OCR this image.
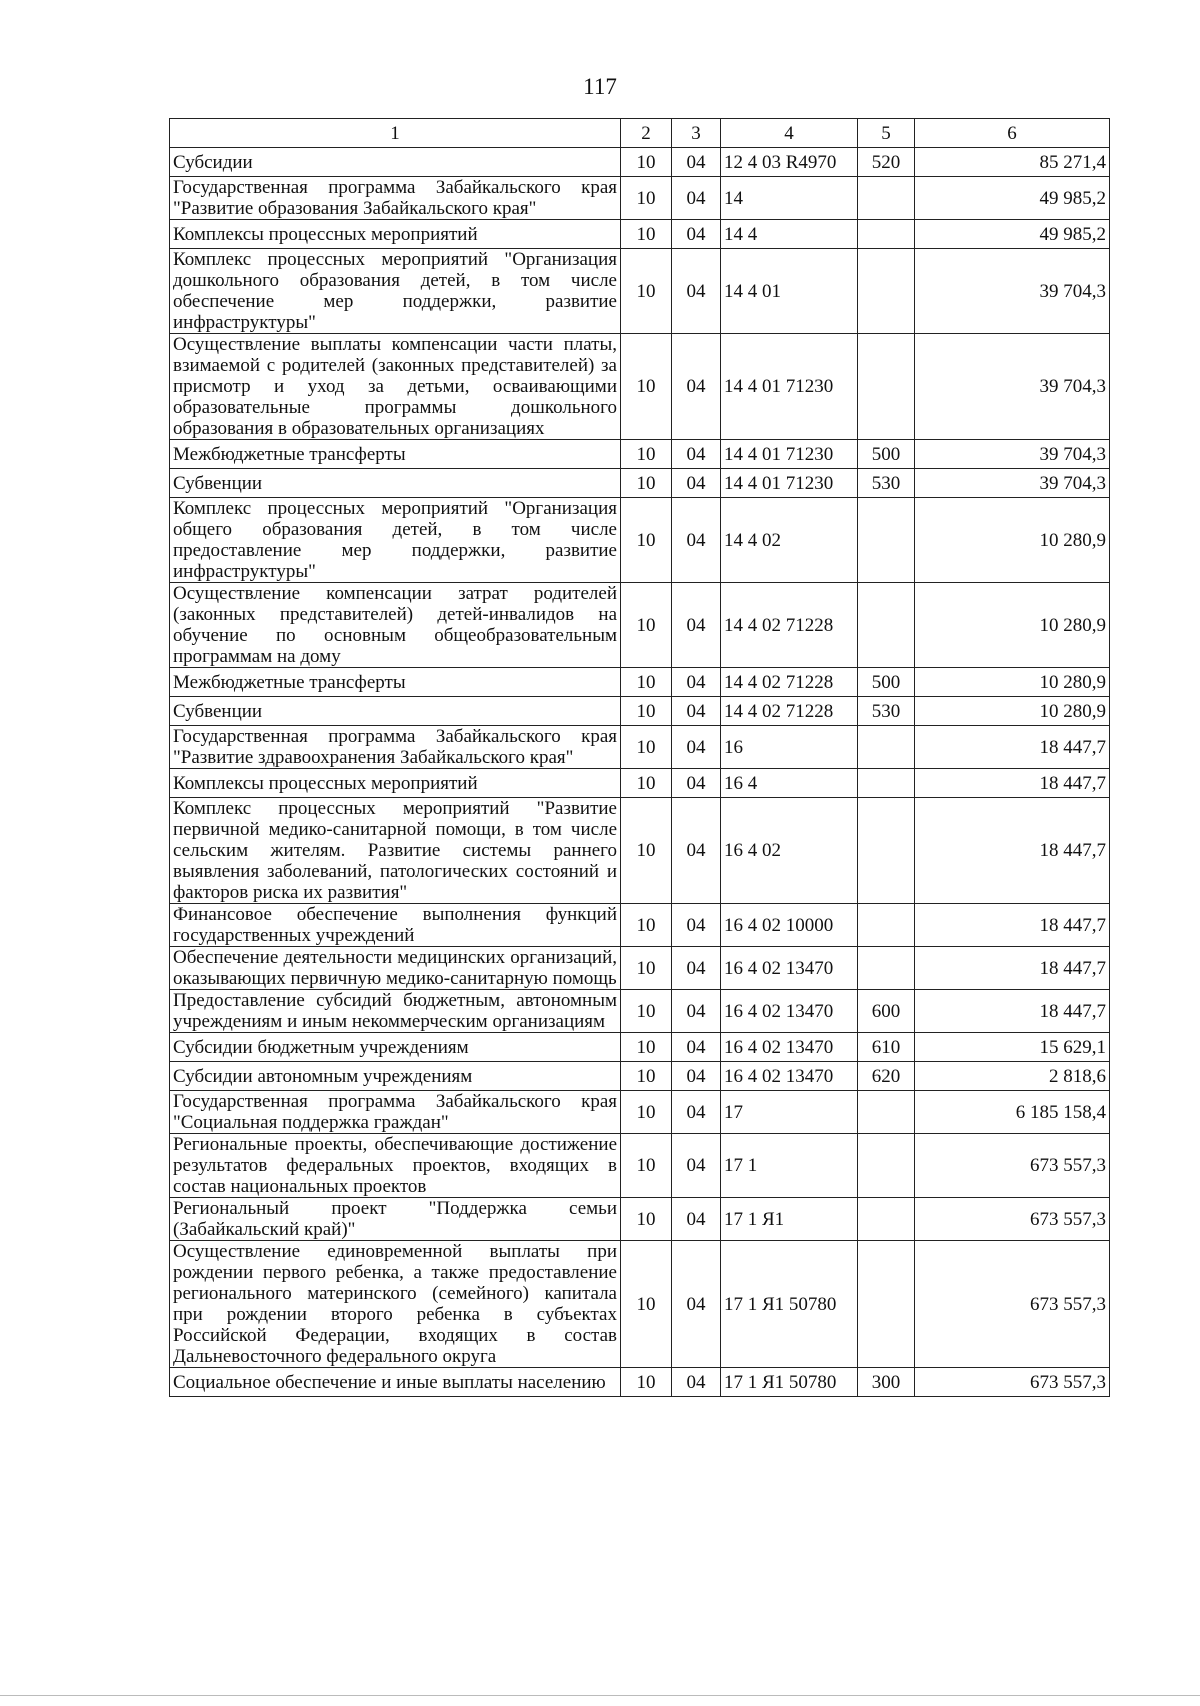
117
1	2	3	4	5	6
Субсидии	10	04	12 4 03 R4970	520	85 271,4
Государственная программа Забайкальского края "Развитие образования Забайкальского края"	10	04	14		49 985,2
Комплексы процессных мероприятий	10	04	14 4		49 985,2
Комплекс процессных мероприятий "Организация дошкольного образования детей, в том числе обеспечение мер поддержки, развитие инфраструктуры"	10	04	14 4 01		39 704,3
Осуществление выплаты компенсации части платы, взимаемой с родителей (законных представителей) за присмотр и уход за детьми, осваивающими образовательные программы дошкольного образования в образовательных организациях	10	04	14 4 01 71230		39 704,3
Межбюджетные трансферты	10	04	14 4 01 71230	500	39 704,3
Субвенции	10	04	14 4 01 71230	530	39 704,3
Комплекс процессных мероприятий "Организация общего образования детей, в том числе предоставление мер поддержки, развитие инфраструктуры"	10	04	14 4 02		10 280,9
Осуществление компенсации затрат родителей (законных представителей) детей-инвалидов на обучение по основным общеобразовательным программам на дому	10	04	14 4 02 71228		10 280,9
Межбюджетные трансферты	10	04	14 4 02 71228	500	10 280,9
Субвенции	10	04	14 4 02 71228	530	10 280,9
Государственная программа Забайкальского края "Развитие здравоохранения Забайкальского края"	10	04	16		18 447,7
Комплексы процессных мероприятий	10	04	16 4		18 447,7
Комплекс процессных мероприятий "Развитие первичной медико-санитарной помощи, в том числе сельским жителям. Развитие системы раннего выявления заболеваний, патологических состояний и факторов риска их развития"	10	04	16 4 02		18 447,7
Финансовое обеспечение выполнения функций государственных учреждений	10	04	16 4 02 10000		18 447,7
Обеспечение деятельности медицинских организаций, оказывающих первичную медико-санитарную помощь	10	04	16 4 02 13470		18 447,7
Предоставление субсидий бюджетным, автономным учреждениям и иным некоммерческим организациям	10	04	16 4 02 13470	600	18 447,7
Субсидии бюджетным учреждениям	10	04	16 4 02 13470	610	15 629,1
Субсидии автономным учреждениям	10	04	16 4 02 13470	620	2 818,6
Государственная программа Забайкальского края "Социальная поддержка граждан"	10	04	17		6 185 158,4
Региональные проекты, обеспечивающие достижение результатов федеральных проектов, входящих в состав национальных проектов	10	04	17 1		673 557,3
Региональный проект "Поддержка семьи (Забайкальский край)"	10	04	17 1 Я1		673 557,3
Осуществление единовременной выплаты при рождении первого ребенка, а также предоставление регионального материнского (семейного) капитала при рождении второго ребенка в субъектах Российской Федерации, входящих в состав Дальневосточного федерального округа	10	04	17 1 Я1 50780		673 557,3
Социальное обеспечение и иные выплаты населению	10	04	17 1 Я1 50780	300	673 557,3
